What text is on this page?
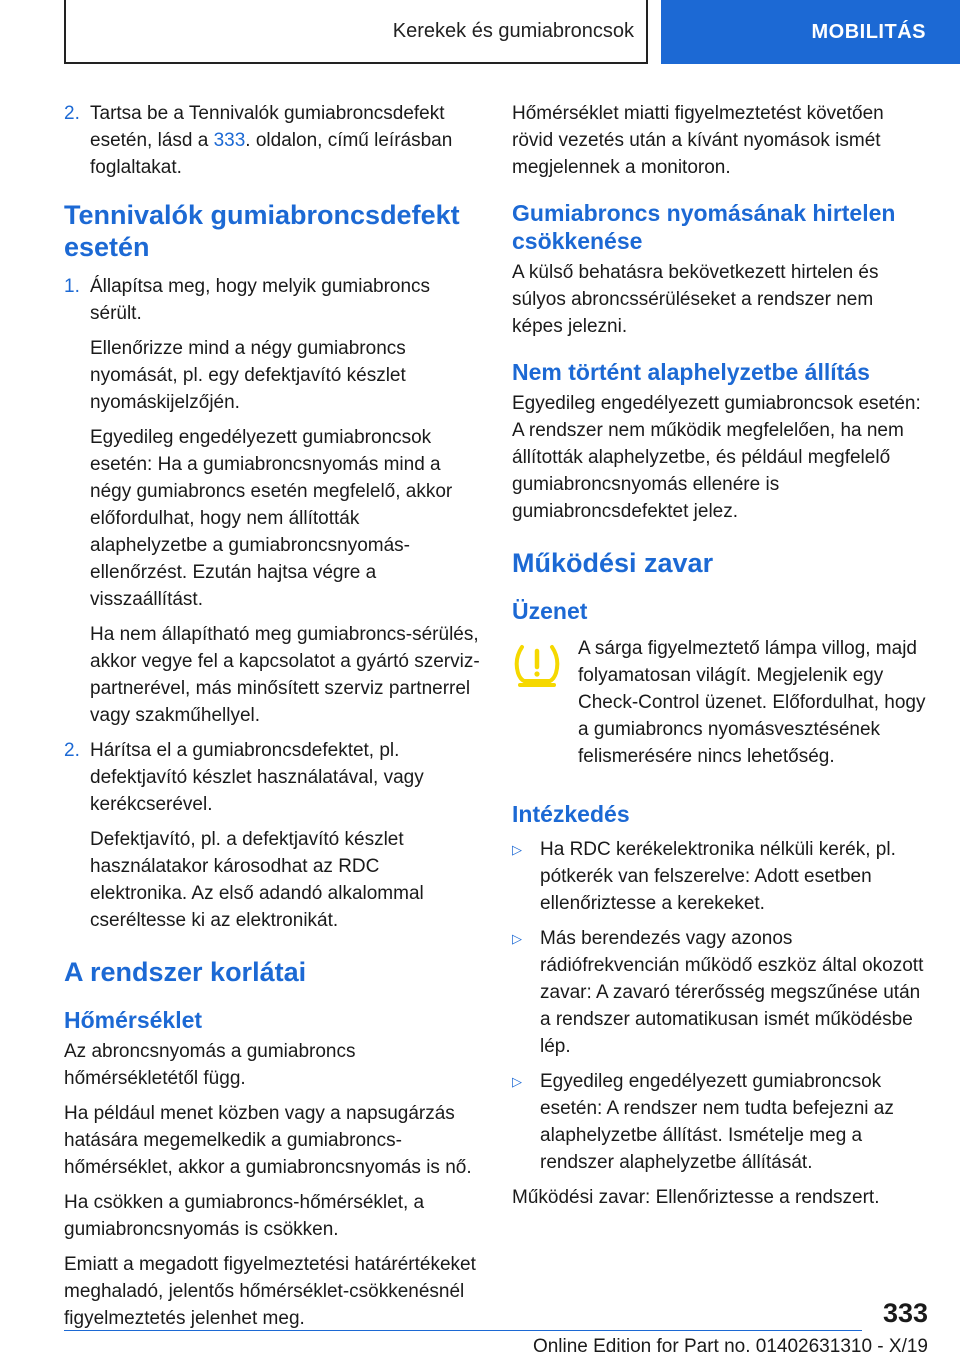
Kerekek és gumiabroncsok	MOBILITÁS
2. Tartsa be a Tennivalók gumiabroncsdefekt esetén, lásd a 333. oldalon, című leírásban foglaltakat.

Tennivalók gumiabroncsdefekt esetén
1. Állapítsa meg, hogy melyik gumiabroncs sérült.

Ellenőrizze mind a négy gumiabroncs nyomását, pl. egy defektjavító készlet nyomáskijelzőjén.

Egyedileg engedélyezett gumiabroncsok esetén: Ha a gumiabroncsnyomás mind a négy gumiabroncs esetén megfelelő, akkor előfordulhat, hogy nem állították alaphelyzetbe a gumiabroncsnyomás-ellenőrzést. Ezután hajtsa végre a visszaállítást.

Ha nem állapítható meg gumiabroncs-sérülés, akkor vegye fel a kapcsolatot a gyártó szerviz-partnerével, más minősített szerviz partnerrel vagy szakműhellyel.

2. Hárítsa el a gumiabroncsdefektet, pl. defektjavító készlet használatával, vagy kerékcserével.

Defektjavító, pl. a defektjavító készlet használatakor károsodhat az RDC elektronika. Az első adandó alkalommal cseréltesse ki az elektronikát.

A rendszer korlátai
Hőmérséklet

Az abroncsnyomás a gumiabroncs hőmérsékletétől függ.

Ha például menet közben vagy a napsugárzás hatására megemelkedik a gumiabroncs-hőmérséklet, akkor a gumiabroncsnyomás is nő.

Ha csökken a gumiabroncs-hőmérséklet, a gumiabroncsnyomás is csökken.

Emiatt a megadott figyelmeztetési határértékeket meghaladó, jelentős hőmérséklet-csökkenésnél figyelmeztetés jelenhet meg.

Hőmérséklet miatti figyelmeztetést követően rövid vezetés után a kívánt nyomások ismét megjelennek a monitoron.

Gumiabroncs nyomásának hirtelen csökkenése

A külső behatásra bekövetkezett hirtelen és súlyos abroncssérüléseket a rendszer nem képes jelezni.

Nem történt alaphelyzetbe állítás

Egyedileg engedélyezett gumiabroncsok esetén: A rendszer nem működik megfelelően, ha nem állították alaphelyzetbe, és például megfelelő gumiabroncsnyomás ellenére is gumiabroncsdefektet jelez.

Működési zavar
Üzenet

A sárga figyelmeztető lámpa villog, majd folyamatosan világít. Megjelenik egy Check-Control üzenet. Előfordulhat, hogy a gumiabroncs nyomásvesztésének felismerésére nincs lehetőség.

Intézkedés
▷ Ha RDC kerékelektronika nélküli kerék, pl. pótkerék van felszerelve: Adott esetben ellenőriztesse a kerekeket.

▷ Más berendezés vagy azonos rádiófrekvencián működő eszköz által okozott zavar: A zavaró térerősség megszűnése után a rendszer automatikusan ismét működésbe lép.

▷ Egyedileg engedélyezett gumiabroncsok esetén: A rendszer nem tudta befejezni az alaphelyzetbe állítást. Ismételje meg a rendszer alaphelyzetbe állítását.

Működési zavar: Ellenőriztesse a rendszert.

333
Online Edition for Part no. 01402631310 - X/19
